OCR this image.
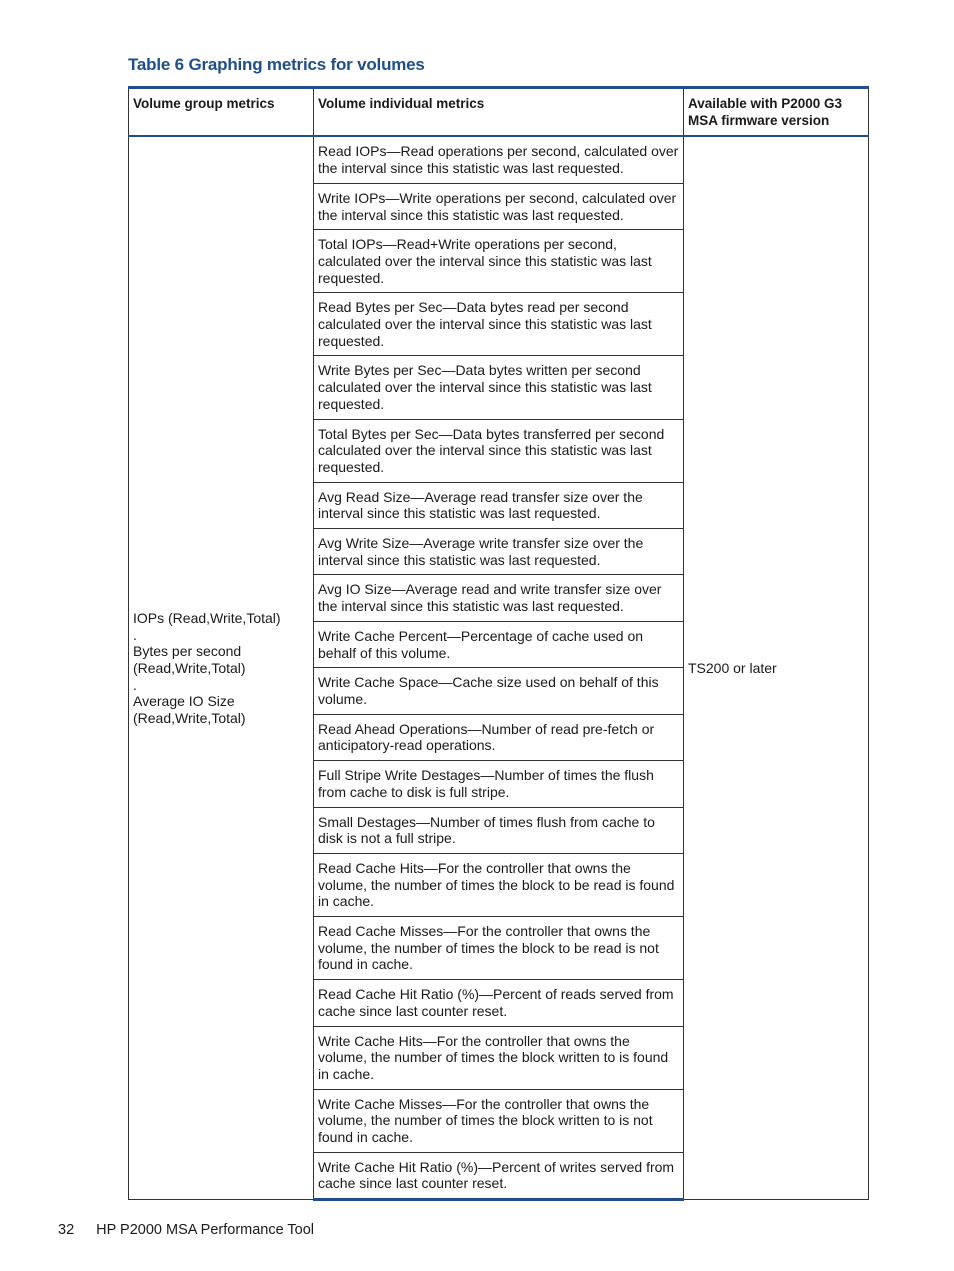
Table 6 Graphing metrics for volumes
Volume group metrics	Volume individual metrics	Available with P2000 G3 MSA firmware version

IOPs (Read,Write,Total)
.
Bytes per second (Read,Write,Total)
.
Average IO Size (Read,Write,Total)	Read IOPs—Read operations per second, calculated over the interval since this statistic was last requested.	TS200 or later
	Write IOPs—Write operations per second, calculated over the interval since this statistic was last requested.	
	Total IOPs—Read+Write operations per second, calculated over the interval since this statistic was last requested.	
	Read Bytes per Sec—Data bytes read per second calculated over the interval since this statistic was last requested.	
	Write Bytes per Sec—Data bytes written per second calculated over the interval since this statistic was last requested.	
	Total Bytes per Sec—Data bytes transferred per second calculated over the interval since this statistic was last requested.	
	Avg Read Size—Average read transfer size over the interval since this statistic was last requested.	
	Avg Write Size—Average write transfer size over the interval since this statistic was last requested.	
	Avg IO Size—Average read and write transfer size over the interval since this statistic was last requested.	
	Write Cache Percent—Percentage of cache used on behalf of this volume.	
	Write Cache Space—Cache size used on behalf of this volume.	
	Read Ahead Operations—Number of read pre-fetch or anticipatory-read operations.	
	Full Stripe Write Destages—Number of times the flush from cache to disk is full stripe.	
	Small Destages—Number of times flush from cache to disk is not a full stripe.	
	Read Cache Hits—For the controller that owns the volume, the number of times the block to be read is found in cache.	
	Read Cache Misses—For the controller that owns the volume, the number of times the block to be read is not found in cache.	
	Read Cache Hit Ratio (%)—Percent of reads served from cache since last counter reset.	
	Write Cache Hits—For the controller that owns the volume, the number of times the block written to is found in cache.	
	Write Cache Misses—For the controller that owns the volume, the number of times the block written to is not found in cache.	
	Write Cache Hit Ratio (%)—Percent of writes served from cache since last counter reset.	
32 HP P2000 MSA Performance Tool
